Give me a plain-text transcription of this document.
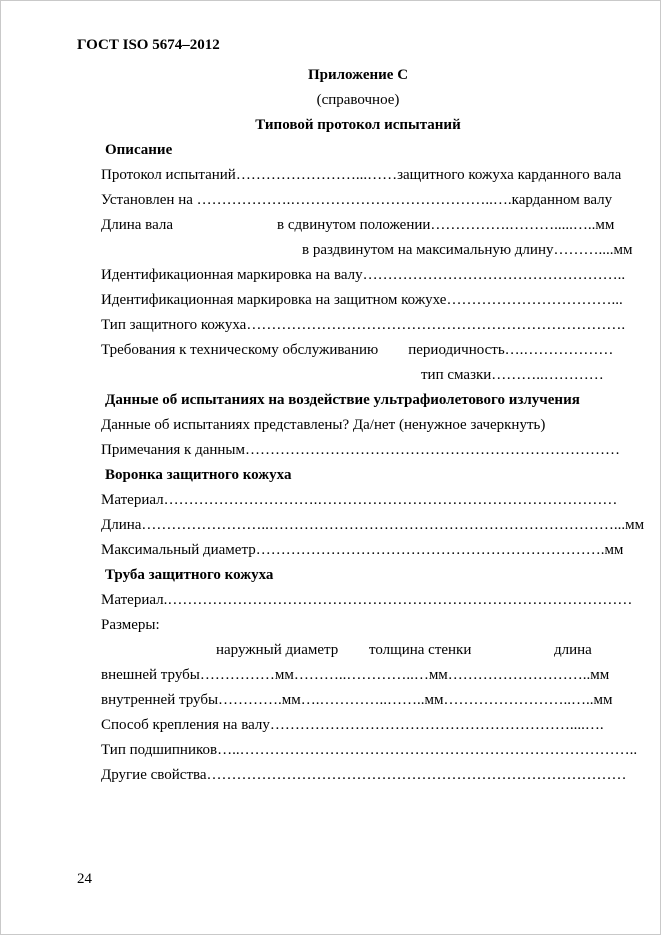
ГОСТ ISO 5674–2012
Приложение С
(справочное)
Типовой протокол испытаний
Описание
Протокол испытаний……………………...……защитного кожуха карданного вала
Установлен на ……………….…………………………………..….карданном валу
Длина вала	в сдвинутом положении…………….……….....…..мм
в раздвинутом на максимальную длину………....мм
Идентификационная маркировка на валу……………………………………………..
Идентификационная маркировка на защитном кожухе……………………………...
Тип защитного кожуха………………………………………………………………….
Требования к техническому обслуживанию периодичность….………………
тип смазки………..…………
Данные об испытаниях на воздействие ультрафиолетового излучения
Данные об испытаниях представлены? Да/нет (ненужное зачеркнуть)
Примечания к данным…………………………………………………………………
Воронка защитного кожуха
Материал………………………….……………………………………………………
Длина……………………..……………………………………………………………...мм
Максимальный диаметр…………………………………………………………….мм
Труба защитного кожуха
Материал.…………………………………………………………………………………
Размеры:
наружный диаметр толщина стенки	длина
внешней трубы……………мм………..…………..…мм………………………..мм
внутренней трубы………….мм….…………..……..мм……………………..…..мм
Способ крепления на валу……………………………………………………....….
Тип подшипников…..……………………………………………………………………..
Другие свойства…………………………………………………………………………
24
